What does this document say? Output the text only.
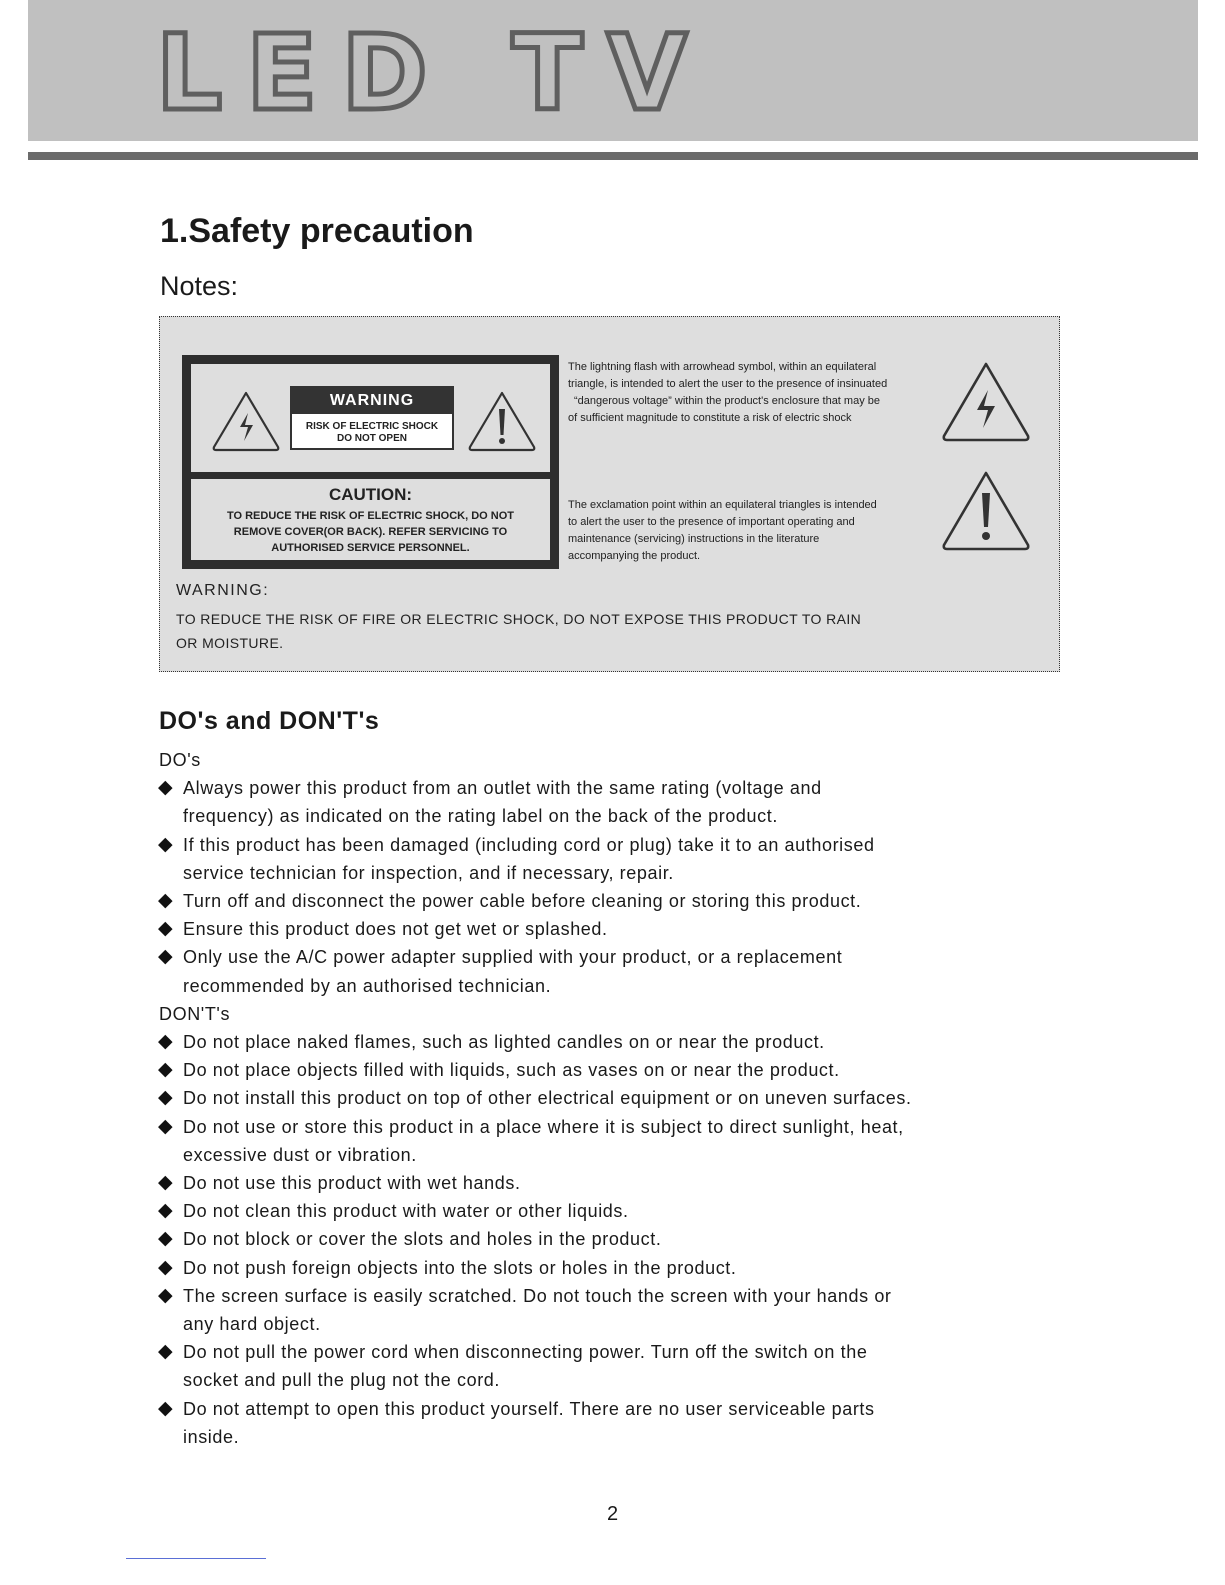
LED TV
1.Safety precaution
Notes:
WARNING
RISK OF ELECTRIC SHOCK
DO NOT OPEN
CAUTION:
TO REDUCE THE RISK OF ELECTRIC SHOCK, DO NOT
REMOVE COVER(OR BACK). REFER SERVICING TO
AUTHORISED SERVICE PERSONNEL.
The lightning flash with arrowhead symbol, within an equilateral
triangle, is intended to alert the user to the presence of insinuated
“dangerous voltage” within the product's enclosure that may be
of sufficient magnitude to constitute a risk of electric shock
The exclamation point within an equilateral triangles is intended
to alert the user to the presence of important operating and
maintenance (servicing) instructions in the literature
accompanying the product.
WARNING:
TO REDUCE THE RISK OF FIRE OR ELECTRIC SHOCK, DO NOT EXPOSE THIS PRODUCT TO RAIN
OR MOISTURE.
DO's and DON'T's
DO's
◆ Always power this product from an outlet with the same rating (voltage and
frequency) as indicated on the rating label on the back of the product.
◆ If this product has been damaged (including cord or plug) take it to an authorised
service technician for inspection, and if necessary, repair.
◆ Turn off and disconnect the power cable before cleaning or storing this product.
◆ Ensure this product does not get wet or splashed.
◆ Only use the A/C power adapter supplied with your product, or a replacement
recommended by an authorised technician.
DON'T's
◆ Do not place naked flames, such as lighted candles on or near the product.
◆ Do not place objects filled with liquids, such as vases on or near the product.
◆ Do not install this product on top of other electrical equipment or on uneven surfaces.
◆ Do not use or store this product in a place where it is subject to direct sunlight, heat,
excessive dust or vibration.
◆ Do not use this product with wet hands.
◆ Do not clean this product with water or other liquids.
◆ Do not block or cover the slots and holes in the product.
◆ Do not push foreign objects into the slots or holes in the product.
◆ The screen surface is easily scratched. Do not touch the screen with your hands or
any hard object.
◆ Do not pull the power cord when disconnecting power. Turn off the switch on the
socket and pull the plug not the cord.
◆ Do not attempt to open this product yourself. There are no user serviceable parts
inside.
2
